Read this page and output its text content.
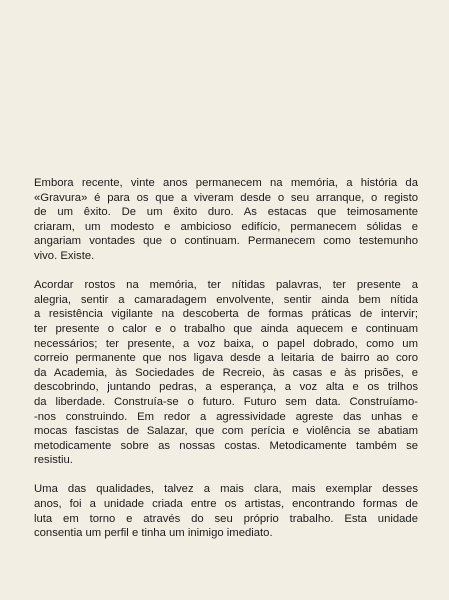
Embora recente, vinte anos permanecem na memória, a história da
«Gravura» é para os que a viveram desde o seu arranque, o registo
de um êxito. De um êxito duro. As estacas que teimosamente
criaram, um modesto e ambicioso edifício, permanecem sólidas e
angariam vontades que o continuam. Permanecem como testemunho
vivo. Existe.

Acordar rostos na memória, ter nítidas palavras, ter presente a
alegria, sentir a camaradagem envolvente, sentir ainda bem nítida
a resistência vigilante na descoberta de formas práticas de intervir;
ter presente o calor e o trabalho que ainda aquecem e continuam
necessários; ter presente, a voz baixa, o papel dobrado, como um
correio permanente que nos ligava desde a leitaria de bairro ao coro
da Academia, às Sociedades de Recreio, às casas e às prisões, e
descobrindo, juntando pedras, a esperança, a voz alta e os trilhos
da liberdade. Construía-se o futuro. Futuro sem data. Construíamo-
-nos construindo. Em redor a agressividade agreste das unhas e
mocas fascistas de Salazar, que com perícia e violência se abatiam
metodicamente sobre as nossas costas. Metodicamente também se
resistiu.

Uma das qualidades, talvez a mais clara, mais exemplar desses
anos, foi a unidade criada entre os artistas, encontrando formas de
luta em torno e através do seu próprio trabalho. Esta unidade
consentia um perfil e tinha um inimigo imediato.
